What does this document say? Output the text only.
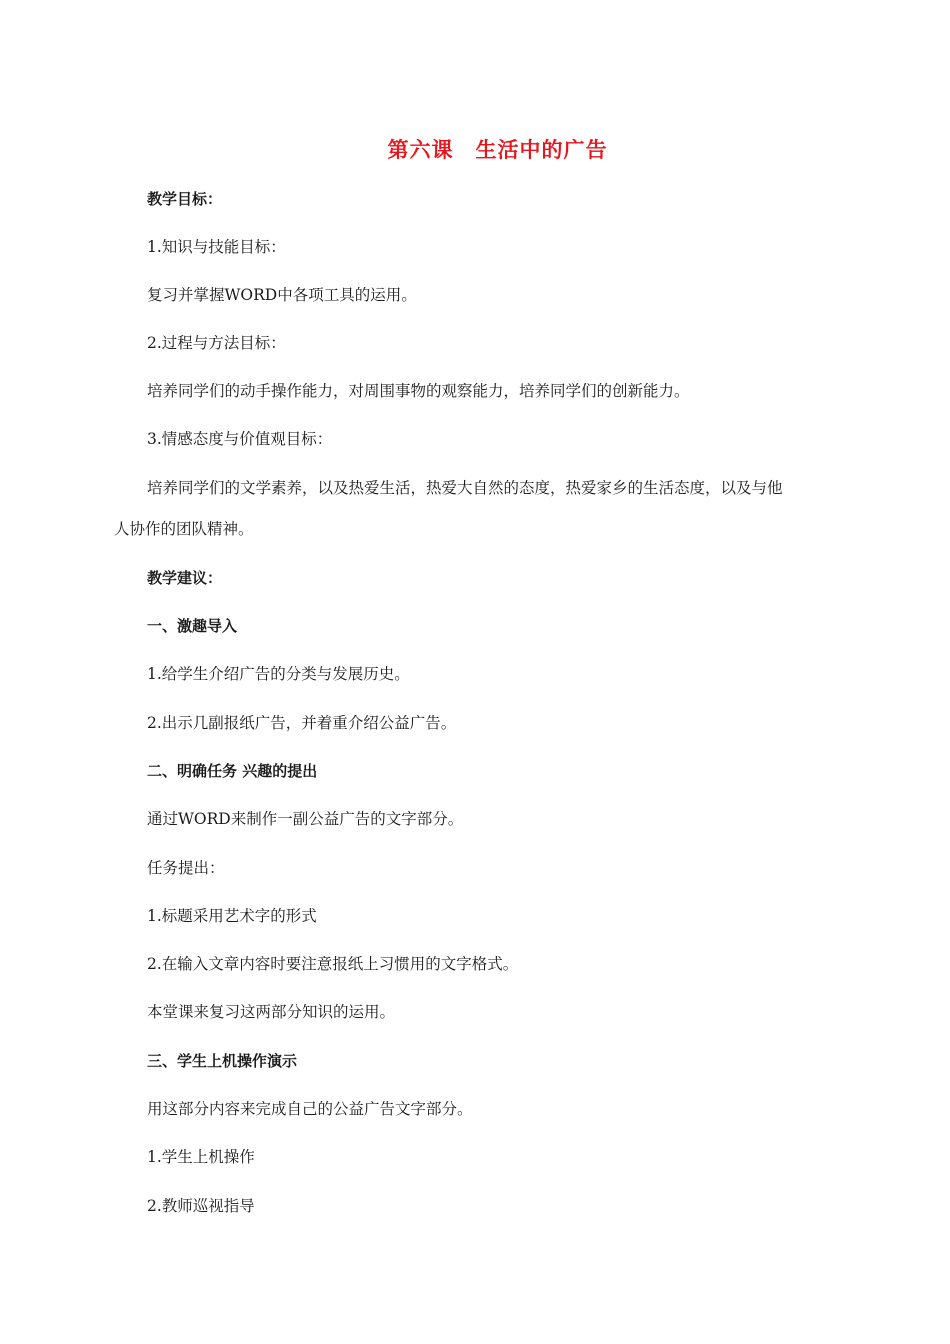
第六课　生活中的广告
教学目标：
1.知识与技能目标：
复习并掌握WORD中各项工具的运用。
2.过程与方法目标：
培养同学们的动手操作能力，对周围事物的观察能力，培养同学们的创新能力。
3.情感态度与价值观目标：
培养同学们的文学素养，以及热爱生活，热爱大自然的态度，热爱家乡的生活态度，以及与他
人协作的团队精神。
教学建议：
一、激趣导入
1.给学生介绍广告的分类与发展历史。
2.出示几副报纸广告，并着重介绍公益广告。
二、明确任务 兴趣的提出
通过WORD来制作一副公益广告的文字部分。
任务提出：
1.标题采用艺术字的形式
2.在输入文章内容时要注意报纸上习惯用的文字格式。
本堂课来复习这两部分知识的运用。
三、学生上机操作演示
用这部分内容来完成自己的公益广告文字部分。
1.学生上机操作
2.教师巡视指导
